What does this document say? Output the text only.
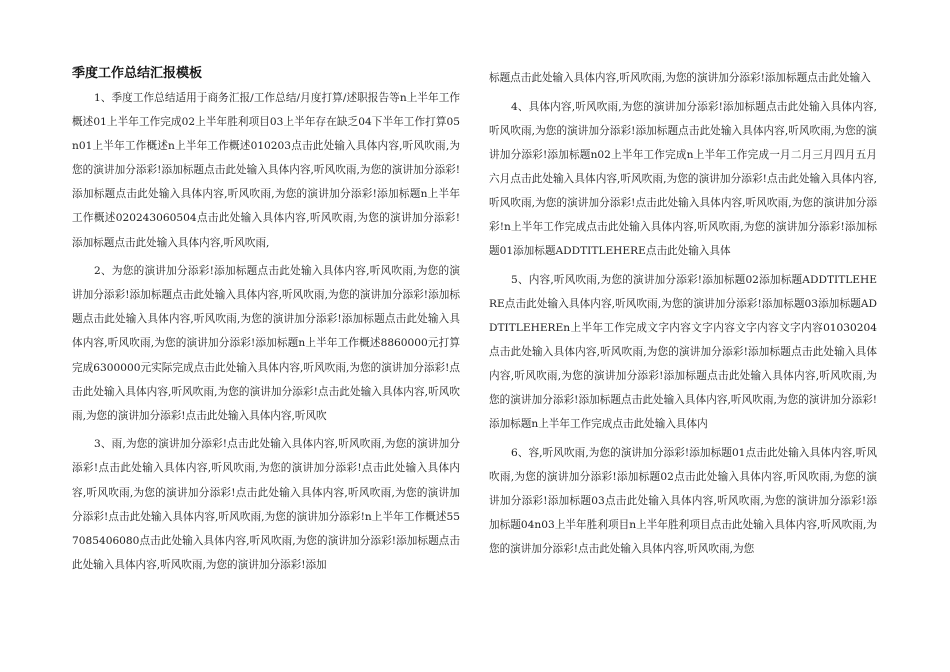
季度工作总结汇报模板

1、季度工作总结适用于商务汇报/工作总结/月度打算/述职报告等n上半年工作概述01上半年工作完成02上半年胜利项目03上半年存在缺乏04下半年工作打算05n01上半年工作概述n上半年工作概述010203点击此处输入具体内容,听风吹雨,为您的演讲加分添彩!添加标题点击此处输入具体内容,听风吹雨,为您的演讲加分添彩!添加标题点击此处输入具体内容,听风吹雨,为您的演讲加分添彩!添加标题n上半年工作概述020243060504点击此处输入具体内容,听风吹雨,为您的演讲加分添彩!添加标题点击此处输入具体内容,听风吹雨,

2、为您的演讲加分添彩!添加标题点击此处输入具体内容,听风吹雨,为您的演讲加分添彩!添加标题点击此处输入具体内容,听风吹雨,为您的演讲加分添彩!添加标题点击此处输入具体内容,听风吹雨,为您的演讲加分添彩!添加标题点击此处输入具体内容,听风吹雨,为您的演讲加分添彩!添加标题n上半年工作概述8860000元打算完成6300000元实际完成点击此处输入具体内容,听风吹雨,为您的演讲加分添彩!点击此处输入具体内容,听风吹雨,为您的演讲加分添彩!点击此处输入具体内容,听风吹雨,为您的演讲加分添彩!点击此处输入具体内容,听风吹

3、雨,为您的演讲加分添彩!点击此处输入具体内容,听风吹雨,为您的演讲加分添彩!点击此处输入具体内容,听风吹雨,为您的演讲加分添彩!点击此处输入具体内容,听风吹雨,为您的演讲加分添彩!点击此处输入具体内容,听风吹雨,为您的演讲加分添彩!点击此处输入具体内容,听风吹雨,为您的演讲加分添彩!n上半年工作概述557085406080点击此处输入具体内容,听风吹雨,为您的演讲加分添彩!添加标题点击此处输入具体内容,听风吹雨,为您的演讲加分添彩!添加

标题点击此处输入具体内容,听风吹雨,为您的演讲加分添彩!添加标题点击此处输入

4、具体内容,听风吹雨,为您的演讲加分添彩!添加标题点击此处输入具体内容,听风吹雨,为您的演讲加分添彩!添加标题点击此处输入具体内容,听风吹雨,为您的演讲加分添彩!添加标题n02上半年工作完成n上半年工作完成一月二月三月四月五月六月点击此处输入具体内容,听风吹雨,为您的演讲加分添彩!点击此处输入具体内容,听风吹雨,为您的演讲加分添彩!点击此处输入具体内容,听风吹雨,为您的演讲加分添彩!n上半年工作完成点击此处输入具体内容,听风吹雨,为您的演讲加分添彩!添加标题01添加标题ADDTITLEHERE点击此处输入具体

5、内容,听风吹雨,为您的演讲加分添彩!添加标题02添加标题ADDTITLEHERE点击此处输入具体内容,听风吹雨,为您的演讲加分添彩!添加标题03添加标题ADDTITLEHEREn上半年工作完成文字内容文字内容文字内容文字内容01030204点击此处输入具体内容,听风吹雨,为您的演讲加分添彩!添加标题点击此处输入具体内容,听风吹雨,为您的演讲加分添彩!添加标题点击此处输入具体内容,听风吹雨,为您的演讲加分添彩!添加标题点击此处输入具体内容,听风吹雨,为您的演讲加分添彩!添加标题n上半年工作完成点击此处输入具体内

6、容,听风吹雨,为您的演讲加分添彩!添加标题01点击此处输入具体内容,听风吹雨,为您的演讲加分添彩!添加标题02点击此处输入具体内容,听风吹雨,为您的演讲加分添彩!添加标题03点击此处输入具体内容,听风吹雨,为您的演讲加分添彩!添加标题04n03上半年胜利项目n上半年胜利项目点击此处输入具体内容,听风吹雨,为您的演讲加分添彩!点击此处输入具体内容,听风吹雨,为您
